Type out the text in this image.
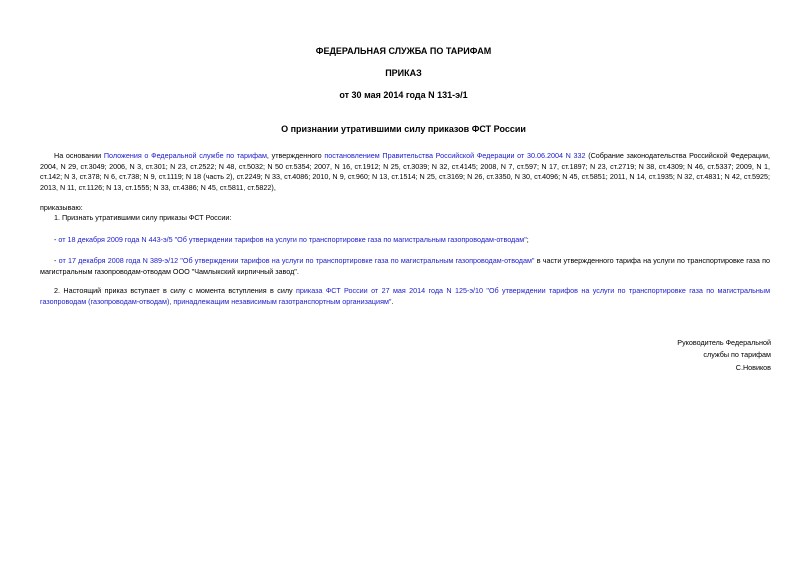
ФЕДЕРАЛЬНАЯ СЛУЖБА ПО ТАРИФАМ
ПРИКАЗ
от 30 мая 2014 года N 131-э/1
О признании утратившими силу приказов ФСТ России
На основании Положения о Федеральной службе по тарифам, утвержденного постановлением Правительства Российской Федерации от 30.06.2004 N 332 (Собрание законодательства Российской Федерации, 2004, N 29, ст.3049; 2006, N 3, ст.301; N 23, ст.2522; N 48, ст.5032; N 50 ст.5354; 2007, N 16, ст.1912; N 25, ст.3039; N 32, ст.4145; 2008, N 7, ст.597; N 17, ст.1897; N 23, ст.2719; N 38, ст.4309; N 46, ст.5337; 2009, N 1, ст.142; N 3, ст.378; N 6, ст.738; N 9, ст.1119; N 18 (часть 2), ст.2249; N 33, ст.4086; 2010, N 9, ст.960; N 13, ст.1514; N 25, ст.3169; N 26, ст.3350, N 30, ст.4096; N 45, ст.5851; 2011, N 14, ст.1935; N 32, ст.4831; N 42, ст.5925; 2013, N 11, ст.1126; N 13, ст.1555; N 33, ст.4386; N 45, ст.5811, ст.5822),
приказываю:
1. Признать утратившими силу приказы ФСТ России:
- от 18 декабря 2009 года N 443-э/5 "Об утверждении тарифов на услуги по транспортировке газа по магистральным газопроводам-отводам";
- от 17 декабря 2008 года N 389-э/12 "Об утверждении тарифов на услуги по транспортировке газа по магистральным газопроводам-отводам" в части утвержденного тарифа на услуги по транспортировке газа по магистральным газопроводам-отводам ООО "Чамлыкский кирпичный завод".
2. Настоящий приказ вступает в силу с момента вступления в силу приказа ФСТ России от 27 мая 2014 года N 125-э/10 "Об утверждении тарифов на услуги по транспортировке газа по магистральным газопроводам (газопроводам-отводам), принадлежащим независимым газотранспортным организациям".
Руководитель Федеральной
службы по тарифам
С.Новиков
